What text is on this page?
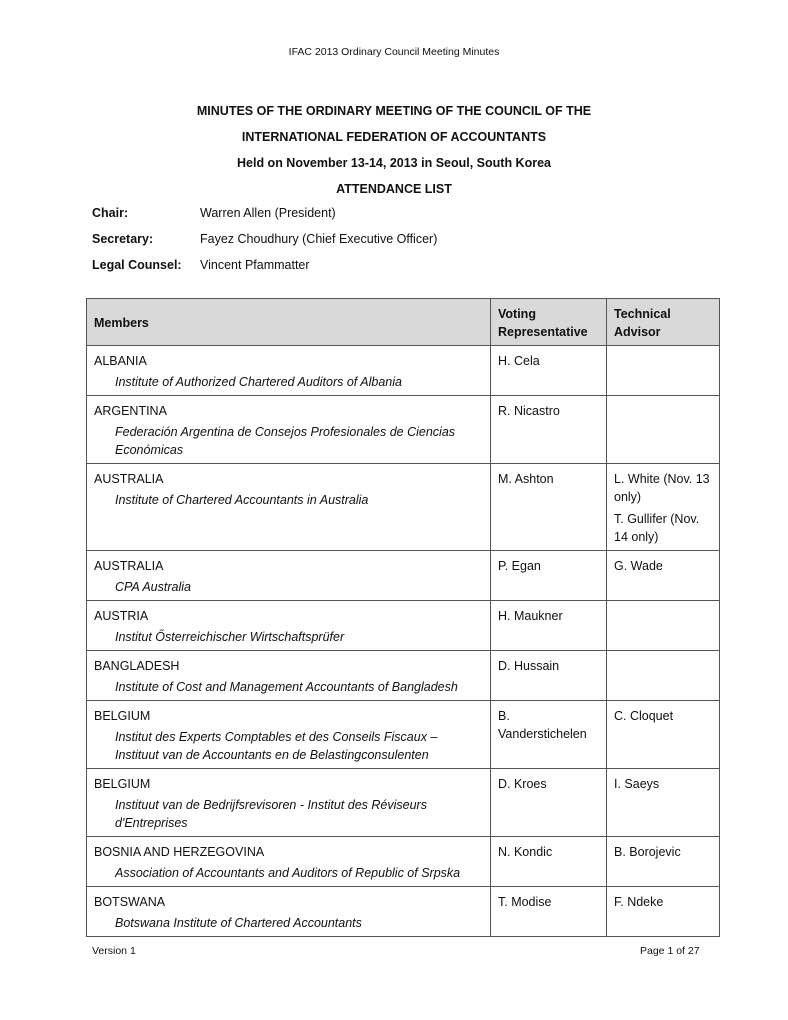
IFAC 2013 Ordinary Council Meeting Minutes
MINUTES OF THE ORDINARY MEETING OF THE COUNCIL OF THE
INTERNATIONAL FEDERATION OF ACCOUNTANTS
Held on November 13-14, 2013 in Seoul, South Korea
ATTENDANCE LIST
Chair:	Warren Allen (President)
Secretary:	Fayez Choudhury (Chief Executive Officer)
Legal Counsel:	Vincent Pfammatter
Members	Voting Representative	Technical Advisor

ALBANIA
Institute of Authorized Chartered Auditors of Albania	H. Cela	

ARGENTINA
Federación Argentina de Consejos Profesionales de Ciencias Económicas	R. Nicastro	

AUSTRALIA
Institute of Chartered Accountants in Australia	M. Ashton	L. White (Nov. 13 only)
T. Gullifer (Nov. 14 only)

AUSTRALIA
CPA Australia	P. Egan	G. Wade

AUSTRIA
Institut Ősterreichischer Wirtschaftsprüfer	H. Maukner	

BANGLADESH
Institute of Cost and Management Accountants of Bangladesh	D. Hussain	

BELGIUM
Institut des Experts Comptables et des Conseils Fiscaux – Instituut van de Accountants en de Belastingconsulenten	B. Vanderstichelen	C. Cloquet

BELGIUM
Instituut van de Bedrijfsrevisoren - Institut des Réviseurs d'Entreprises	D. Kroes	I. Saeys

BOSNIA AND HERZEGOVINA
Association of Accountants and Auditors of Republic of Srpska	N. Kondic	B. Borojevic

BOTSWANA
Botswana Institute of Chartered Accountants	T. Modise	F. Ndeke
Version 1	Page 1 of 27
